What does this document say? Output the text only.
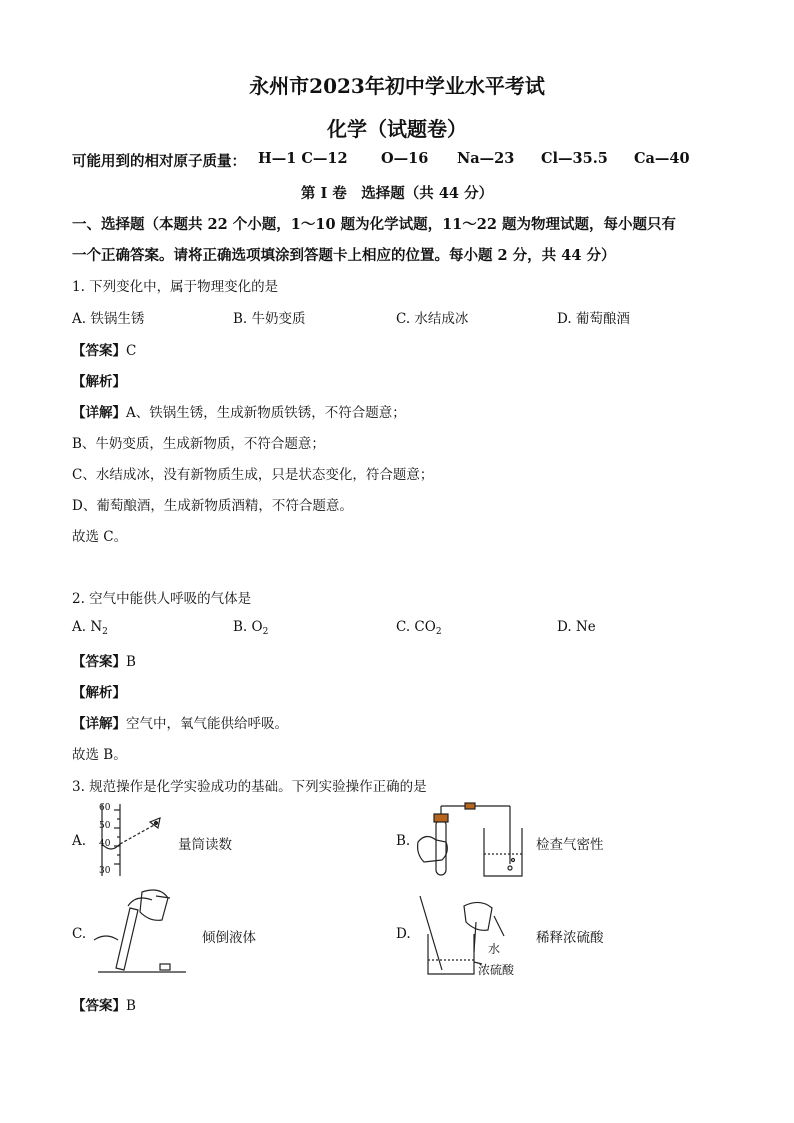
永州市2023年初中学业水平考试
化学（试题卷）
可能用到的相对原子质量： H—1 C—12 O—16 Na—23 Cl—35.5 Ca—40
第 I 卷　选择题（共 44 分）
一、选择题（本题共 22 个小题，1～10 题为化学试题，11～22 题为物理试题，每小题只有
一个正确答案。请将正确选项填涂到答题卡上相应的位置。每小题 2 分，共 44 分）
1. 下列变化中，属于物理变化的是
A. 铁锅生锈	B. 牛奶变质	C. 水结成冰	D. 葡萄酿酒
【答案】C
【解析】
【详解】A、铁锅生锈，生成新物质铁锈，不符合题意；
B、牛奶变质，生成新物质，不符合题意；
C、水结成冰，没有新物质生成，只是状态变化，符合题意；
D、葡萄酿酒，生成新物质酒精，不符合题意。
故选 C。
2. 空气中能供人呼吸的气体是
A. $N_2$	B. $O_2$	C. $CO_2$	D. Ne
【答案】B
【解析】
【详解】空气中，氧气能供给呼吸。
故选 B。
3. 规范操作是化学实验成功的基础。下列实验操作正确的是
A.
60
50
40
30
量筒读数	B.	检查气密性
C.	倾倒液体	D.
水
浓硫酸
稀释浓硫酸
【答案】B
